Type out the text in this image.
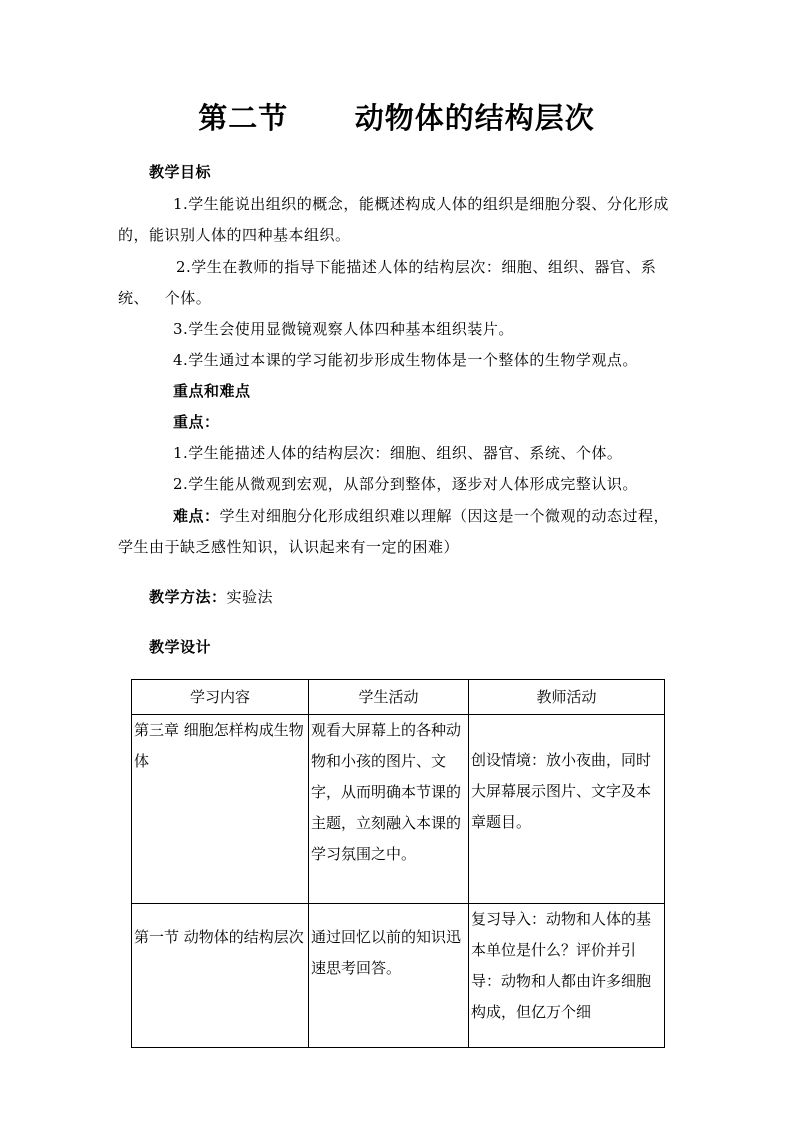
第二节      动物体的结构层次
教学目标
1.学生能说出组织的概念，能概述构成人体的组织是细胞分裂、分化形成
的，能识别人体的四种基本组织。
2.学生在教师的指导下能描述人体的结构层次：细胞、组织、器官、系
统、   个体。
3.学生会使用显微镜观察人体四种基本组织装片。
4.学生通过本课的学习能初步形成生物体是一个整体的生物学观点。
重点和难点
重点：
1.学生能描述人体的结构层次：细胞、组织、器官、系统、个体。
2.学生能从微观到宏观，从部分到整体，逐步对人体形成完整认识。
难点：学生对细胞分化形成组织难以理解（因这是一个微观的动态过程，
学生由于缺乏感性知识，认识起来有一定的困难）
教学方法：实验法
教学设计
学习内容	学生活动	教师活动
第三章 细胞怎样构成生物体	观看大屏幕上的各种动物和小孩的图片、文字，从而明确本节课的主题，立刻融入本课的学习氛围之中。	创设情境：放小夜曲，同时大屏幕展示图片、文字及本章题目。
第一节 动物体的结构层次	通过回忆以前的知识迅速思考回答。	复习导入：动物和人体的基本单位是什么？评价并引导：动物和人都由许多细胞构成，但亿万个细
